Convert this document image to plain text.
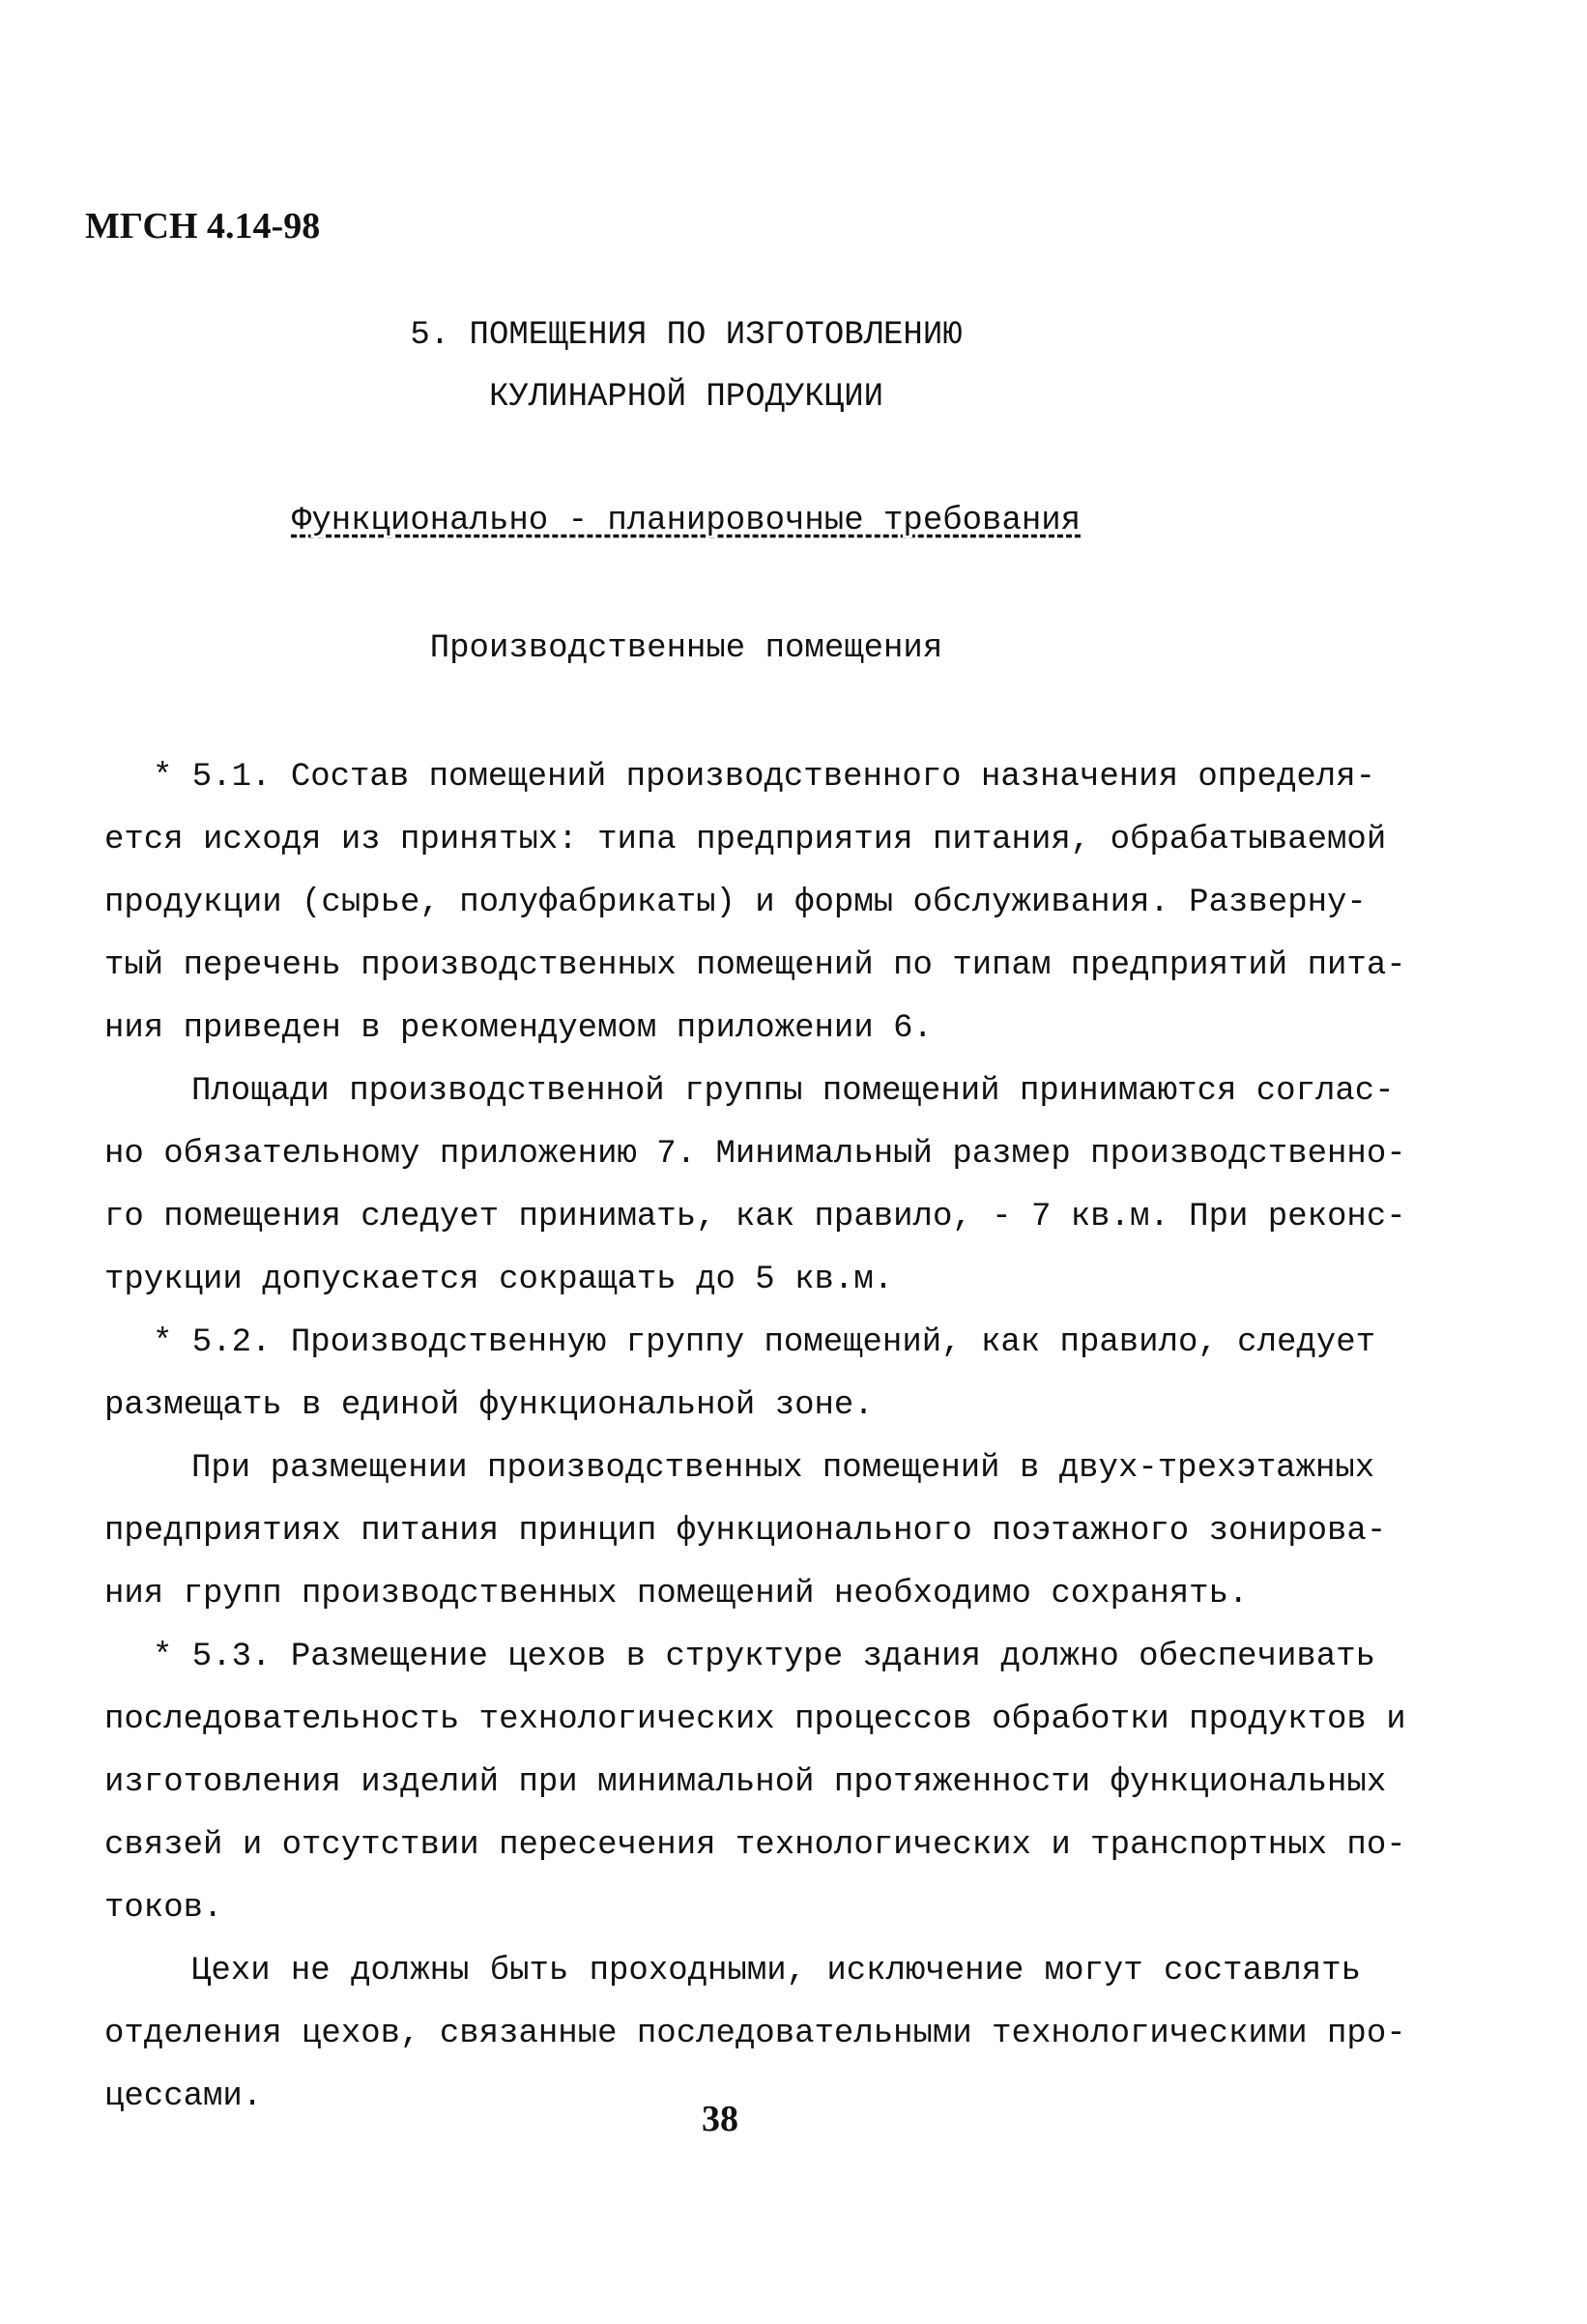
МГСН 4.14-98
5. ПОМЕЩЕНИЯ ПО ИЗГОТОВЛЕНИЮ
КУЛИНАРНОЙ ПРОДУКЦИИ
Функционально - планировочные требования
Производственные помещения

* 5.1. Состав помещений производственного назначения определя-
ется исходя из принятых: типа предприятия питания, обрабатываемой
продукции (сырье, полуфабрикаты) и формы обслуживания. Разверну-
тый перечень производственных помещений по типам предприятий пита-
ния приведен в рекомендуемом приложении 6.

Площади производственной группы помещений принимаются соглас-
но обязательному приложению 7. Минимальный размер производственно-
го помещения следует принимать, как правило, - 7 кв.м. При реконс-
трукции допускается сокращать до 5 кв.м.

* 5.2. Производственную группу помещений, как правило, следует
размещать в единой функциональной зоне.

При размещении производственных помещений в двух-трехэтажных
предприятиях питания принцип функционального поэтажного зонирова-
ния групп производственных помещений необходимо сохранять.

* 5.3. Размещение цехов в структуре здания должно обеспечивать
последовательность технологических процессов обработки продуктов и
изготовления изделий при минимальной протяженности функциональных
связей и отсутствии пересечения технологических и транспортных по-
токов.

Цехи не должны быть проходными, исключение могут составлять
отделения цехов, связанные последовательными технологическими про-
цессами.

38
